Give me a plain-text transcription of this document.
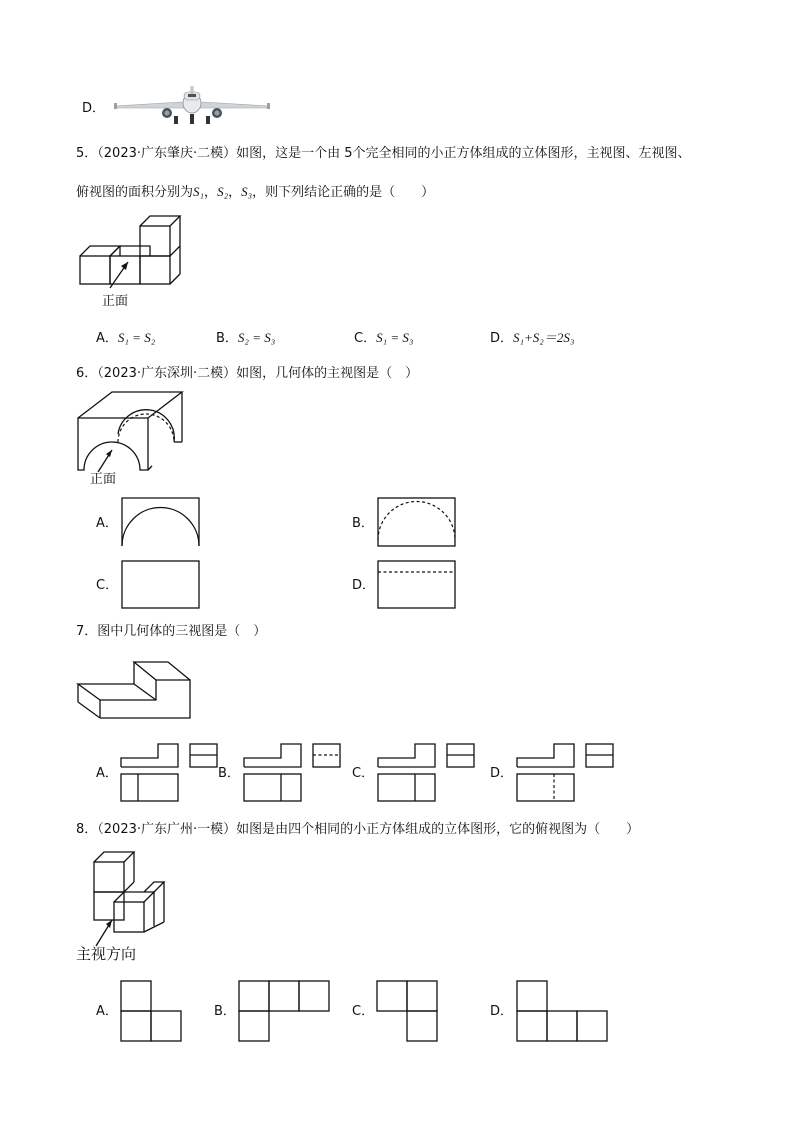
D．
5．（2023·广东肇庆·二模）如图，这是一个由 5个完全相同的小正方体组成的立体图形，主视图、左视图、
俯视图的面积分别为S₁，S₂，S₃，则下列结论正确的是（　　）
正面
A．S₁ = S₂	B．S₂ = S₃	C．S₁ = S₃	D．S₁+S₂＝2S₃
6．（2023·广东深圳·二模）如图，几何体的主视图是（　）
正面
A．	B．
C．	D．
7．图中几何体的三视图是（　）
A．	B．	C．	D．
8．（2023·广东广州·一模）如图是由四个相同的小正方体组成的立体图形，它的俯视图为（　　）
主视方向
A．	B．	C．	D．
